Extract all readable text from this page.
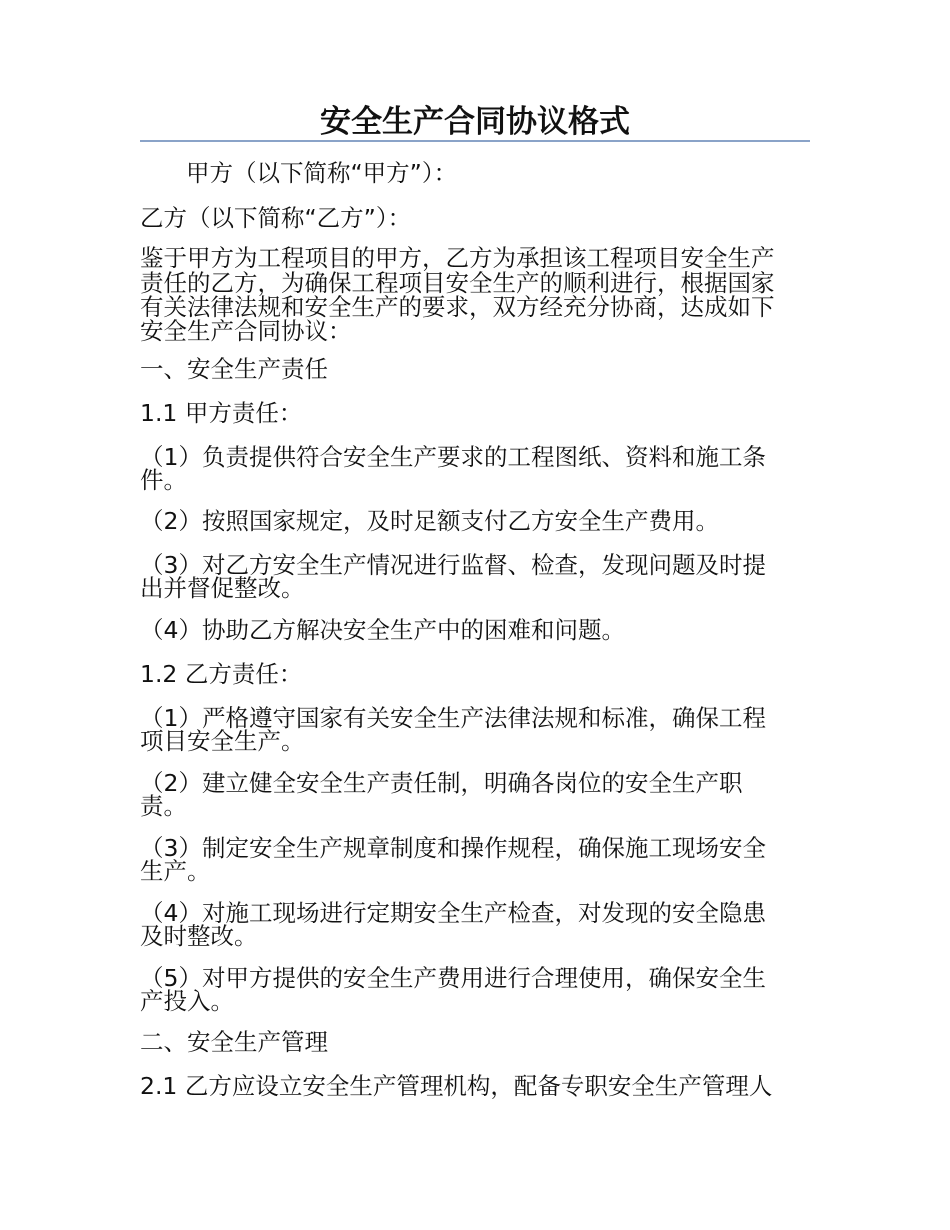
安全生产合同协议格式
甲方（以下简称“甲方”）：
乙方（以下简称“乙方”）：
鉴于甲方为工程项目的甲方，乙方为承担该工程项目安全生产
责任的乙方，为确保工程项目安全生产的顺利进行，根据国家
有关法律法规和安全生产的要求，双方经充分协商，达成如下
安全生产合同协议：
一、安全生产责任
1.1 甲方责任：
（1）负责提供符合安全生产要求的工程图纸、资料和施工条
件。
（2）按照国家规定，及时足额支付乙方安全生产费用。
（3）对乙方安全生产情况进行监督、检查，发现问题及时提
出并督促整改。
（4）协助乙方解决安全生产中的困难和问题。
1.2 乙方责任：
（1）严格遵守国家有关安全生产法律法规和标准，确保工程
项目安全生产。
（2）建立健全安全生产责任制，明确各岗位的安全生产职
责。
（3）制定安全生产规章制度和操作规程，确保施工现场安全
生产。
（4）对施工现场进行定期安全生产检查，对发现的安全隐患
及时整改。
（5）对甲方提供的安全生产费用进行合理使用，确保安全生
产投入。
二、安全生产管理
2.1 乙方应设立安全生产管理机构，配备专职安全生产管理人
